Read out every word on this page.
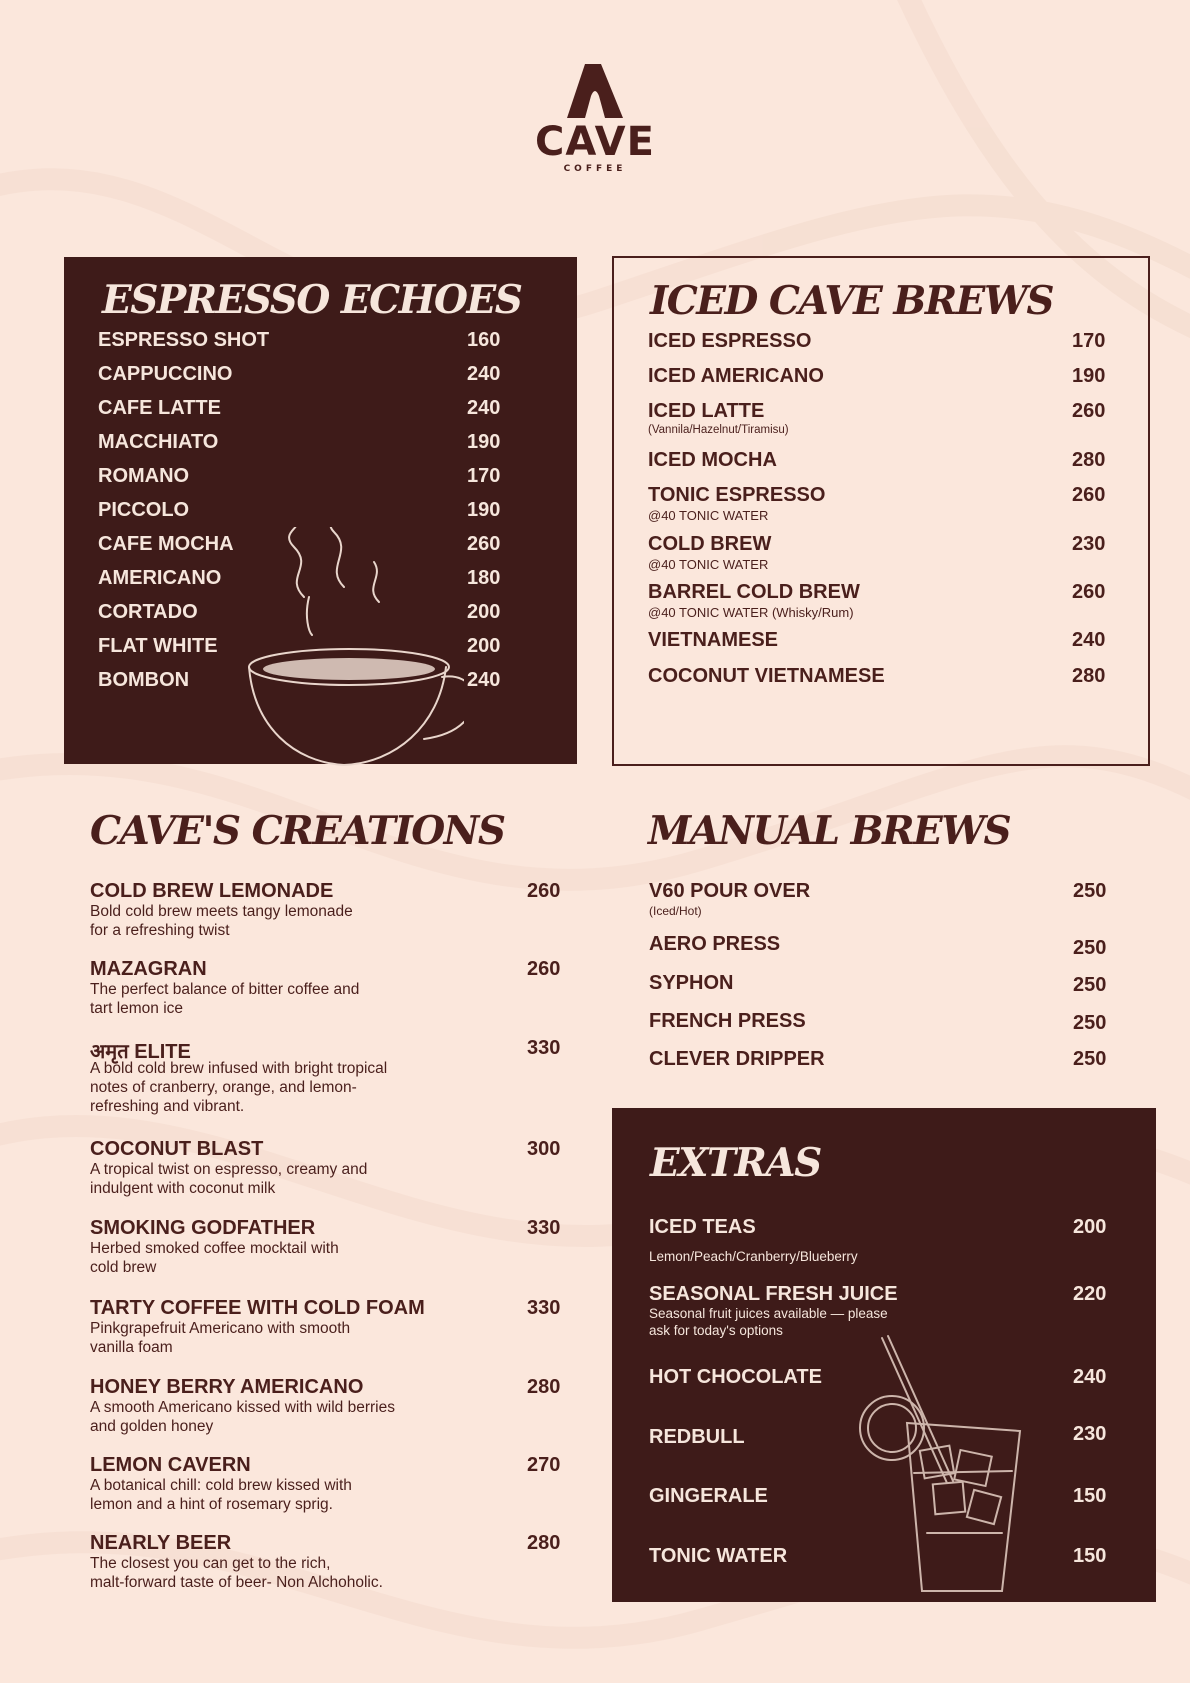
CAVE
COFFEE
ESPRESSO ECHOES
ESPRESSO SHOT	160
CAPPUCCINO	240
CAFE LATTE	240
MACCHIATO	190
ROMANO	170
PICCOLO	190
CAFE MOCHA	260
AMERICANO	180
CORTADO	200
FLAT WHITE	200
BOMBON	240
ICED CAVE BREWS
ICED ESPRESSO	170
ICED AMERICANO	190
ICED LATTE	260
(Vannila/Hazelnut/Tiramisu)
ICED MOCHA	280
TONIC ESPRESSO	260
@40 TONIC WATER
COLD BREW	230
@40 TONIC WATER
BARREL COLD BREW	260
@40 TONIC WATER (Whisky/Rum)
VIETNAMESE	240
COCONUT VIETNAMESE	280
CAVE'S CREATIONS
COLD BREW LEMONADE	260
Bold cold brew meets tangy lemonade
for a refreshing twist
MAZAGRAN	260
The perfect balance of bitter coffee and
tart lemon ice
अमृत ELITE	330
A bold cold brew infused with bright tropical
notes of cranberry, orange, and lemon-
refreshing and vibrant.
COCONUT BLAST	300
A tropical twist on espresso, creamy and
indulgent with coconut milk
SMOKING GODFATHER	330
Herbed smoked coffee mocktail with
cold brew
TARTY COFFEE WITH COLD FOAM	330
Pinkgrapefruit Americano with smooth
vanilla foam
HONEY BERRY AMERICANO	280
A smooth Americano kissed with wild berries
and golden honey
LEMON CAVERN	270
A botanical chill: cold brew kissed with
lemon and a hint of rosemary sprig.
NEARLY BEER	280
The closest you can get to the rich,
malt-forward taste of beer- Non Alchoholic.
MANUAL BREWS
V60 POUR OVER	250
(Iced/Hot)
AERO PRESS	250
SYPHON	250
FRENCH PRESS	250
CLEVER DRIPPER	250
EXTRAS
ICED TEAS	200
Lemon/Peach/Cranberry/Blueberry
SEASONAL FRESH JUICE	220
Seasonal fruit juices available — please
ask for today's options
HOT CHOCOLATE	240
REDBULL	230
GINGERALE	150
TONIC WATER	150
